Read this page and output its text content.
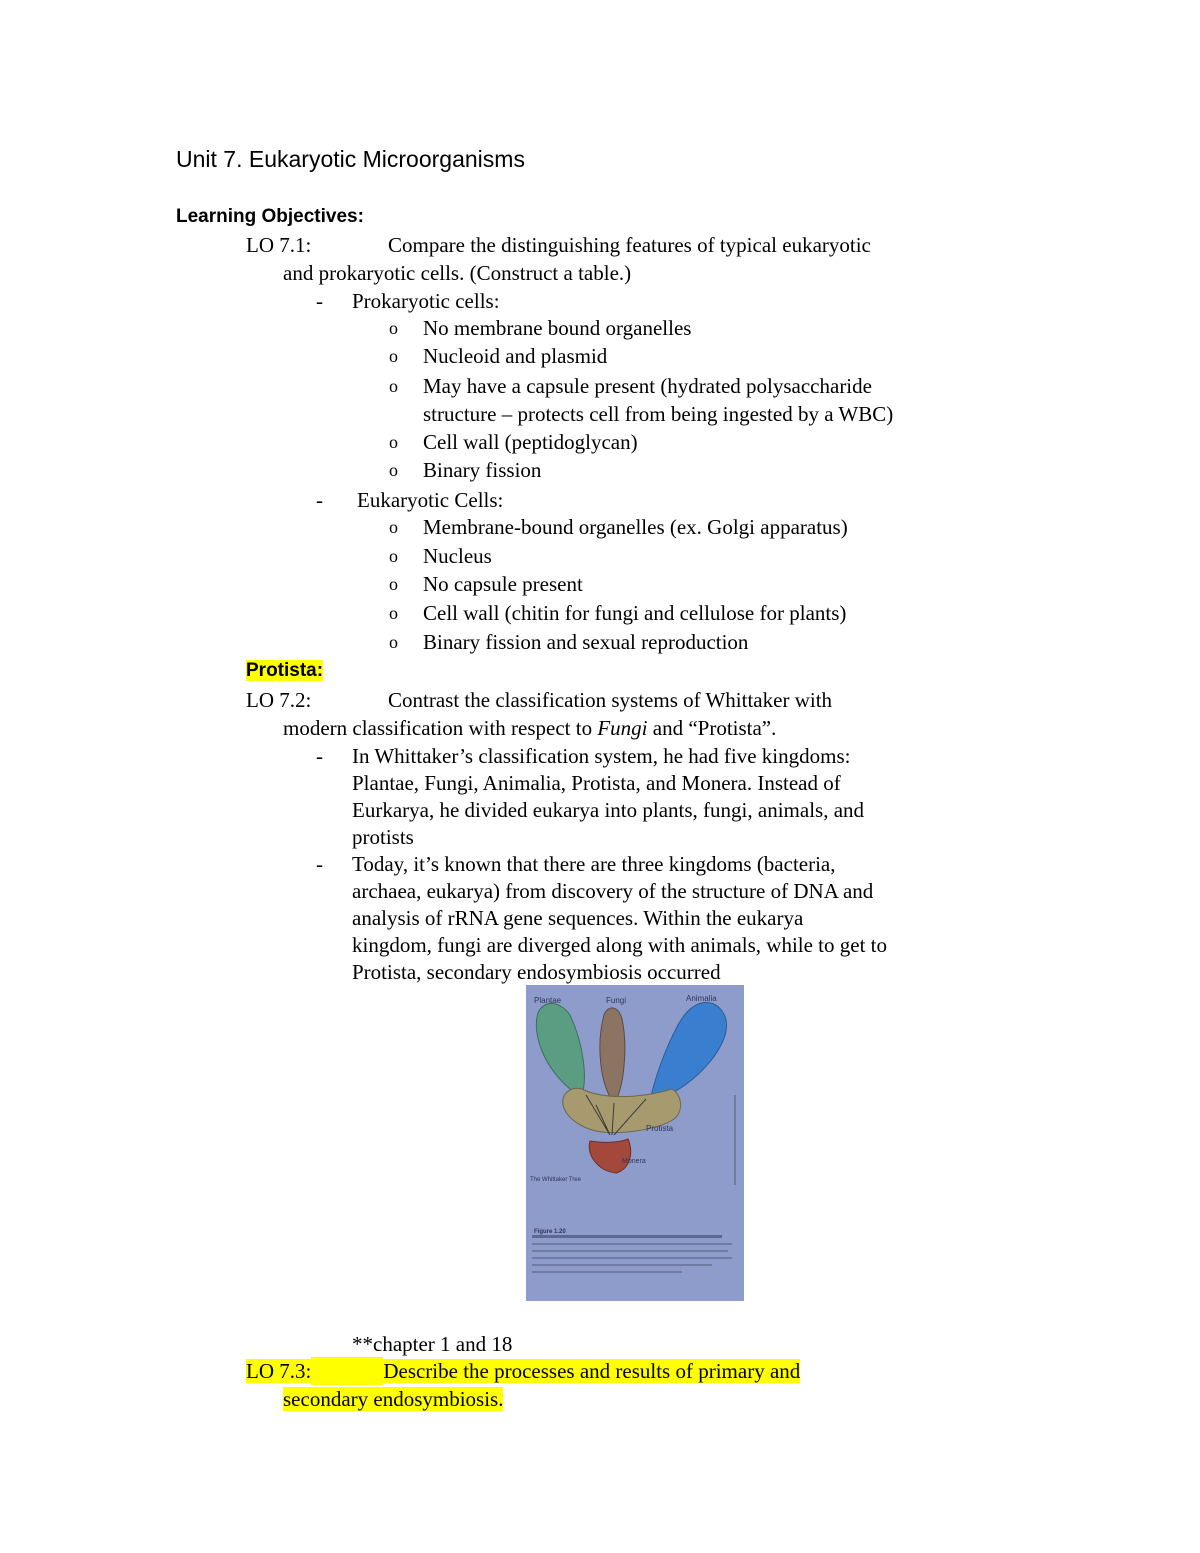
Unit 7. Eukaryotic Microorganisms
Learning Objectives:
LO 7.1:	Compare the distinguishing features of typical eukaryotic
and prokaryotic cells. (Construct a table.)
- Prokaryotic cells:
o No membrane bound organelles
o Nucleoid and plasmid
o May have a capsule present (hydrated polysaccharide
structure – protects cell from being ingested by a WBC)
o Cell wall (peptidoglycan)
o Binary fission
- Eukaryotic Cells:
o Membrane-bound organelles (ex. Golgi apparatus)
o Nucleus
o No capsule present
o Cell wall (chitin for fungi and cellulose for plants)
o Binary fission and sexual reproduction
Protista:
LO 7.2:	Contrast the classification systems of Whittaker with
modern classification with respect to Fungi and “Protista”.
- In Whittaker’s classification system, he had five kingdoms:
Plantae, Fungi, Animalia, Protista, and Monera. Instead of
Eurkarya, he divided eukarya into plants, fungi, animals, and
protists
- Today, it’s known that there are three kingdoms (bacteria,
archaea, eukarya) from discovery of the structure of DNA and
analysis of rRNA gene sequences. Within the eukarya
kingdom, fungi are diverged along with animals, while to get to
Protista, secondary endosymbiosis occurred
Plantae	Fungi	Animalia
Protista
Monera
The Whittaker Tree
Figure 1.20
**chapter 1 and 18
LO 7.3:	Describe the processes and results of primary and
secondary endosymbiosis.
